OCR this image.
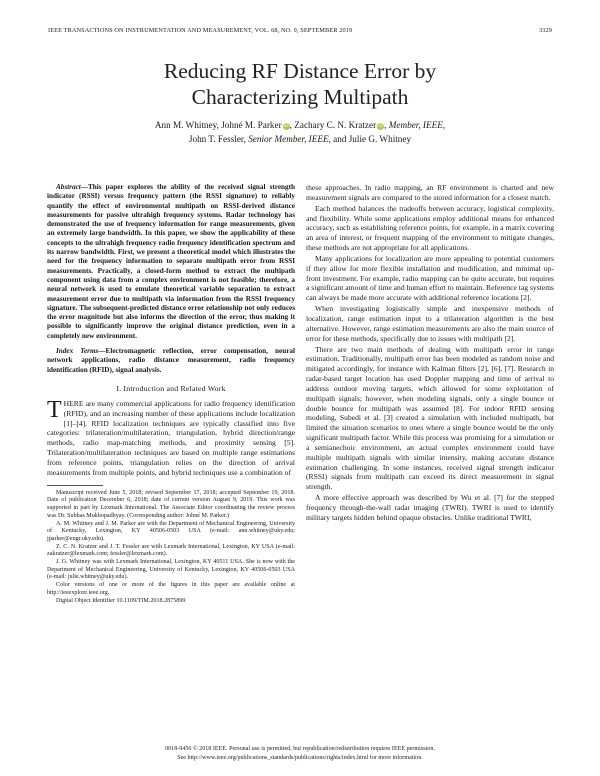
IEEE TRANSACTIONS ON INSTRUMENTATION AND MEASUREMENT, VOL. 68, NO. 9, SEPTEMBER 2019	3329
Reducing RF Distance Error by
Characterizing Multipath
Ann M. Whitney, Johné M. Parker iD, Zachary C. N. Kratzer iD, Member, IEEE,
John T. Fessler, Senior Member, IEEE, and Julie G. Whitney

Abstract—This paper explores the ability of the received signal strength indicator (RSSI) versus frequency pattern (the RSSI signature) to reliably quantify the effect of environmental multipath on RSSI-derived distance measurements for passive ultrahigh frequency systems. Radar technology has demonstrated the use of frequency information for range measurements, given an extremely large bandwidth. In this paper, we show the applicability of these concepts to the ultrahigh frequency radio frequency identification spectrum and its narrow bandwidth. First, we present a theoretical model which illustrates the need for the frequency information to separate multipath error from RSSI measurements. Practically, a closed-form method to extract the multipath component using data from a complex environment is not feasible; therefore, a neural network is used to emulate theoretical variable separation to extract measurement error due to multipath via information from the RSSI frequency signature. The subsequent-predicted distance error relationship not only reduces the error magnitude but also informs the direction of the error, thus making it possible to significantly improve the original distance prediction, even in a completely new environment.

Index Terms—Electromagnetic reflection, error compensation, neural network applications, radio distance measurement, radio frequency identification (RFID), signal analysis.

I. Introduction and Related Work

THERE are many commercial applications for radio frequency identification (RFID), and an increasing number of these applications include localization [1]–[4]. RFID localization techniques are typically classified into five categories: trilateration/multilateration, triangulation, hybrid direction/range methods, radio map-matching methods, and proximity sensing [5]. Trilateration/multilateration techniques are based on multiple range estimations from reference points, triangulation relies on the direction of arrival measurements from multiple points, and hybrid techniques use a combination of

Manuscript received June 5, 2018; revised September 17, 2018; accepted September 19, 2018. Date of publication December 6, 2018; date of current version August 9, 2019. This work was supported in part by Lexmark International. The Associate Editor coordinating the review process was Dr. Subhas Mukhopadhyay. (Corresponding author: Johné M. Parker.)

A. M. Whitney and J. M. Parker are with the Department of Mechanical Engineering, University of Kentucky, Lexington, KY 40506-0503 USA (e-mail: ann.whitney@uky.edu; jparker@engr.uky.edu).

Z. C. N. Kratzer and J. T. Fessler are with Lexmark International, Lexington, KY USA (e-mail: zakratzer@lexmark.com; fessler@lexmark.com).

J. G. Whitney was with Lexmark International, Lexington, KY 40511 USA. She is now with the Department of Mechanical Engineering, University of Kentucky, Lexington, KY 40506-0503 USA (e-mail: julie.whitney@uky.edu).

Color versions of one or more of the figures in this paper are available online at http://ieeexplore.ieee.org.

Digital Object Identifier 10.1109/TIM.2018.2875899

these approaches. In radio mapping, an RF environment is charted and new measurement signals are compared to the stored information for a closest match.

Each method balances the tradeoffs between accuracy, logistical complexity, and flexibility. While some applications employ additional means for enhanced accuracy, such as establishing reference points, for example, in a matrix covering an area of interest, or frequent mapping of the environment to mitigate changes, these methods are not appropriate for all applications.

Many applications for localization are more appealing to potential customers if they allow for more flexible installation and modification, and minimal up-front investment. For example, radio mapping can be quite accurate, but requires a significant amount of time and human effort to maintain. Reference tag systems can always be made more accurate with additional reference locations [2].

When investigating logistically simple and inexpensive methods of localization, range estimation input to a trilateration algorithm is the best alternative. However, range estimation measurements are also the main source of error for these methods, specifically due to issues with multipath [2].

There are two main methods of dealing with multipath error in range estimation. Traditionally, multipath error has been modeled as random noise and mitigated accordingly, for instance with Kalman filters [2], [6], [7]. Research in radar-based target location has used Doppler mapping and time of arrival to address outdoor moving targets, which allowed for some exploitation of multipath signals; however, when modeling signals, only a single bounce or double bounce for multipath was assumed [8]. For indoor RFID sensing modeling, Subedi et al. [3] created a simulation with included multipath, but limited the situation scenarios to ones where a single bounce would be the only significant multipath factor. While this process was promising for a simulation or a semianechoic environment, an actual complex environment could have multiple multipath signals with similar intensity, making accurate distance estimation challenging. In some instances, received signal strength indicator (RSSI) signals from multipath can exceed its direct measurement in signal strength.

A more effective approach was described by Wu et al. [7] for the stepped frequency through-the-wall radar imaging (TWRI). TWRI is used to identify military targets hidden behind opaque obstacles. Unlike traditional TWRI,

0018-9456 © 2018 IEEE. Personal use is permitted, but republication/redistribution requires IEEE permission.
See http://www.ieee.org/publications_standards/publications/rights/index.html for more information.
